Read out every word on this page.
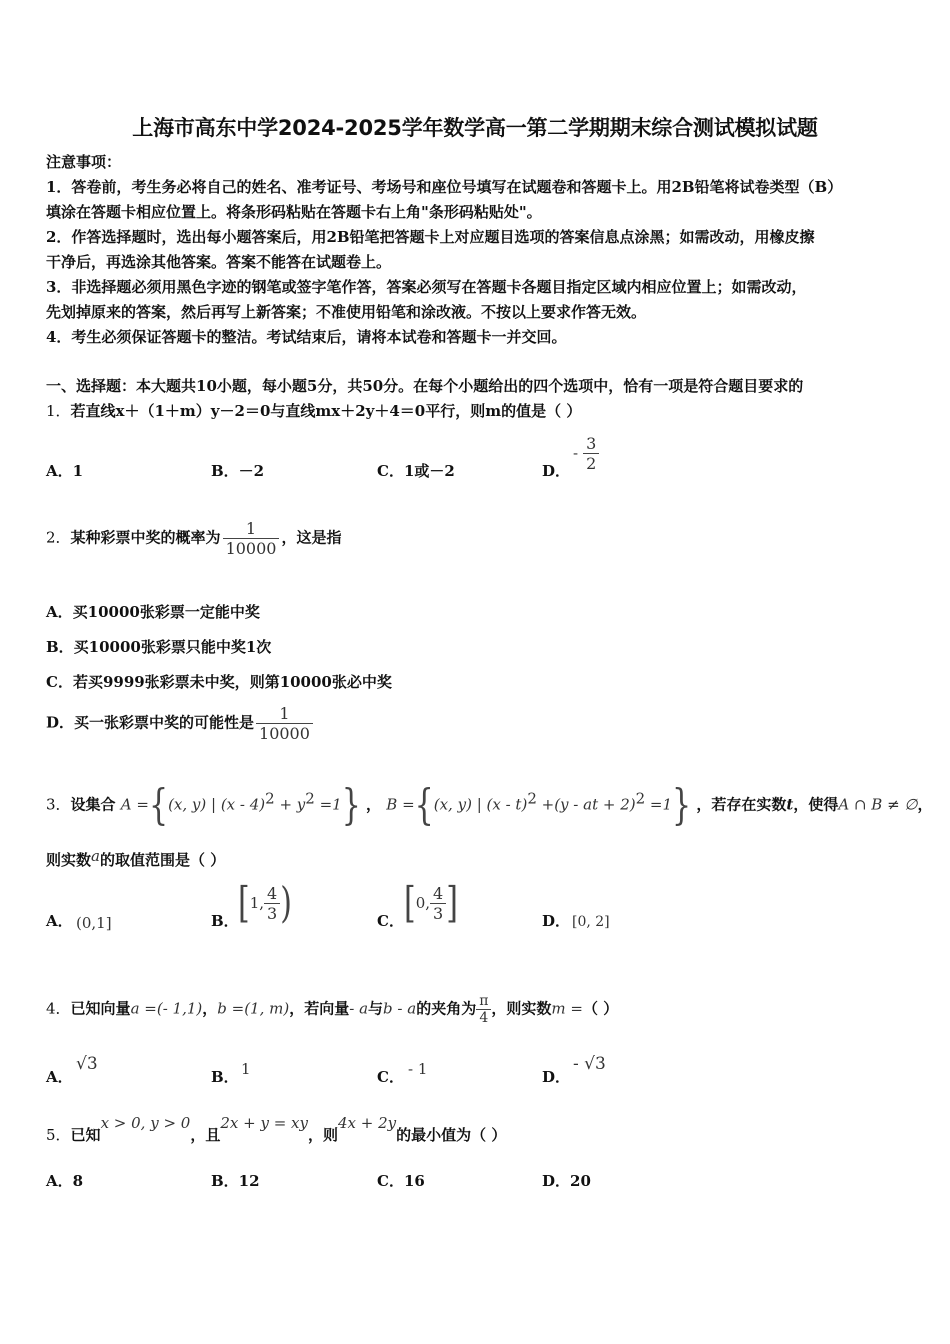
上海市高东中学2024-2025学年数学高一第二学期期末综合测试模拟试题
注意事项：
1．答卷前，考生务必将自己的姓名、准考证号、考场号和座位号填写在试题卷和答题卡上。用2B铅笔将试卷类型（B）
填涂在答题卡相应位置上。将条形码粘贴在答题卡右上角"条形码粘贴处"。
2．作答选择题时，选出每小题答案后，用2B铅笔把答题卡上对应题目选项的答案信息点涂黑；如需改动，用橡皮擦
干净后，再选涂其他答案。答案不能答在试题卷上。
3．非选择题必须用黑色字迹的钢笔或签字笔作答，答案必须写在答题卡各题目指定区域内相应位置上；如需改动，
先划掉原来的答案，然后再写上新答案；不准使用铅笔和涂改液。不按以上要求作答无效。
4．考生必须保证答题卡的整洁。考试结束后，请将本试卷和答题卡一并交回。
一、选择题：本大题共10小题，每小题5分，共50分。在每个小题给出的四个选项中，恰有一项是符合题目要求的
1．若直线x＋（1＋m）y－2＝0与直线mx＋2y＋4＝0平行，则m的值是（ ）
A．1	B．－2	C．1或－2	D．
- $\frac{3}{2}$
2．某种彩票中奖的概率为 $\frac{1}{10000}$ ，这是指
A．买10000张彩票一定能中奖
B．买10000张彩票只能中奖1次
C．若买9999张彩票未中奖，则第10000张必中奖
D．买一张彩票中奖的可能性是 $\frac{1}{10000}$
3．设集合 A ={(x, y) | $(x - 4)^2 + y^2 =1$} ， B ={(x, y) | (x - t)$^2$ +(y - at + 2)$^2$ =1} ，若存在实数t，使得A ∩ B ≠ ∅，
则实数a的取值范围是（ ）
A． (0,1]	B． [1, $\frac{4}{3}$ )	C． [0, $\frac{4}{3}$ ]	D． [0, 2]
4．已知向量a =(- 1,1)，b =(1, m)，若向量- a与b - a的夹角为 $\frac{\pi}{4}$ ，则实数m =（ ）
A．
√3
B． 1	C． - 1	D．
- √3
5．已知x > 0, y > 0，且2x + y = xy，则4x + 2y的最小值为（ ）
A．8	B．12	C．16	D．20
